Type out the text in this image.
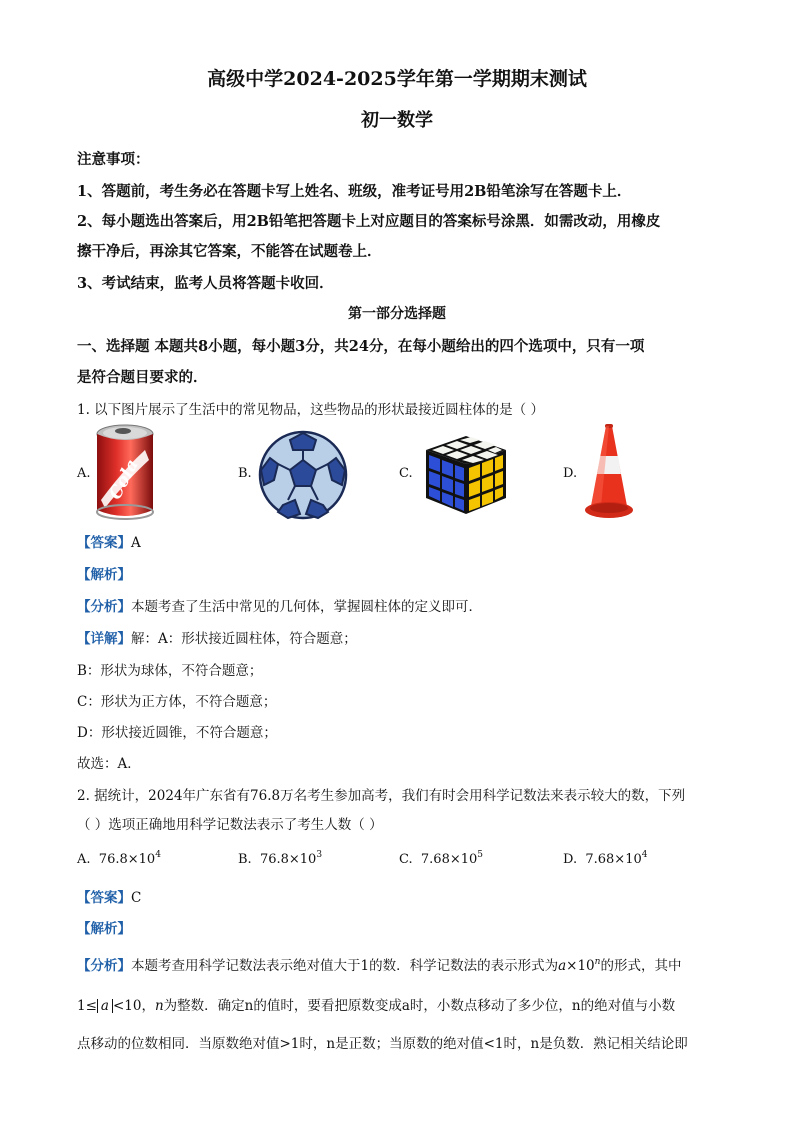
高级中学2024-2025学年第一学期期末测试
初一数学
注意事项：
1、答题前，考生务必在答题卡写上姓名、班级，准考证号用2B铅笔涂写在答题卡上．
2、每小题选出答案后，用2B铅笔把答题卡上对应题目的答案标号涂黑．如需改动，用橡皮
擦干净后，再涂其它答案，不能答在试题卷上．
3、考试结束，监考人员将答题卡收回．
第一部分选择题
一、选择题 本题共8小题，每小题3分，共24分，在每小题给出的四个选项中，只有一项
是符合题目要求的．
1. 以下图片展示了生活中的常见物品，这些物品的形状最接近圆柱体的是（ ）
A. Cola	B.	C.	D.
【答案】A
【解析】
【分析】本题考查了生活中常见的几何体，掌握圆柱体的定义即可．
【详解】解：A：形状接近圆柱体，符合题意；
B：形状为球体，不符合题意；
C：形状为正方体，不符合题意；
D：形状接近圆锥，不符合题意；
故选：A．
2. 据统计，2024年广东省有76.8万名考生参加高考，我们有时会用科学记数法来表示较大的数，下列
（ ）选项正确地用科学记数法表示了考生人数（ ）
A. $76.8\times 10^4$	B. $76.8\times 10^3$	C. $7.68\times 10^5$	D. $7.68\times 10^4$
【答案】C
【解析】
【分析】本题考查用科学记数法表示绝对值大于1的数．科学记数法的表示形式为$a\times 10^n$的形式，其中
1≤ a <10，n为整数．确定n的值时，要看把原数变成a时，小数点移动了多少位，n的绝对值与小数
点移动的位数相同．当原数绝对值>1时，n是正数；当原数的绝对值<1时，n是负数．熟记相关结论即
